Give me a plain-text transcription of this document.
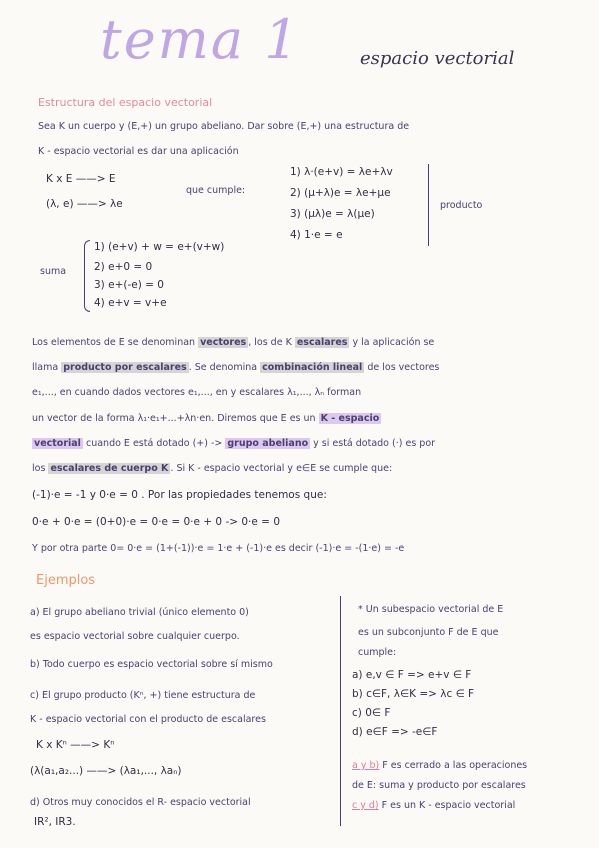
tema 1	espacio vectorial
Estructura del espacio vectorial
Sea K un cuerpo y (E,+) un grupo abeliano. Dar sobre (E,+) una estructura de
K - espacio vectorial es dar una aplicación
K x E ——> E
(λ, e) ——> λe
que cumple:
1) λ·(e+v) = λe+λv
2) (μ+λ)e = λe+μe
3) (μλ)e = λ(μe)
4) 1·e = e
producto
suma
1) (e+v) + w = e+(v+w)
2) e+0 = 0
3) e+(-e) = 0
4) e+v = v+e
Los elementos de E se denominan vectores , los de K escalares y la aplicación se
llama producto por escalares . Se denomina combinación lineal de los vectores
e₁,..., en cuando dados vectores e₁,..., en y escalares λ₁,..., λₙ forman
un vector de la forma λ₁·e₁+...+λn·en. Diremos que E es un K - espacio
vectorial cuando E está dotado (+) -> grupo abeliano y si está dotado (·) es por
los escalares de cuerpo K . Si K - espacio vectorial y e∈E se cumple que:
(-1)·e = -1 y 0·e = 0 . Por las propiedades tenemos que:
0·e + 0·e = (0+0)·e = 0·e = 0·e + 0 -> 0·e = 0
Y por otra parte 0= 0·e = (1+(-1))·e = 1·e + (-1)·e es decir (-1)·e = -(1·e) = -e
Ejemplos
a) El grupo abeliano trivial (único elemento 0)
es espacio vectorial sobre cualquier cuerpo.
b) Todo cuerpo es espacio vectorial sobre sí mismo
c) El grupo producto (Kⁿ, +) tiene estructura de
K - espacio vectorial con el producto de escalares
K x Kⁿ ——> Kⁿ
(λ(a₁,a₂...) ——> (λa₁,..., λaₙ)
d) Otros muy conocidos el R- espacio vectorial
IR², IR3.
* Un subespacio vectorial de E
es un subconjunto F de E que
cumple:
a) e,v ∈ F => e+v ∈ F
b) c∈F, λ∈K => λc ∈ F
c) 0∈ F
d) e∈F => -e∈F
a y b) F es cerrado a las operaciones
de E: suma y producto por escalares
c y d) F es un K - espacio vectorial
